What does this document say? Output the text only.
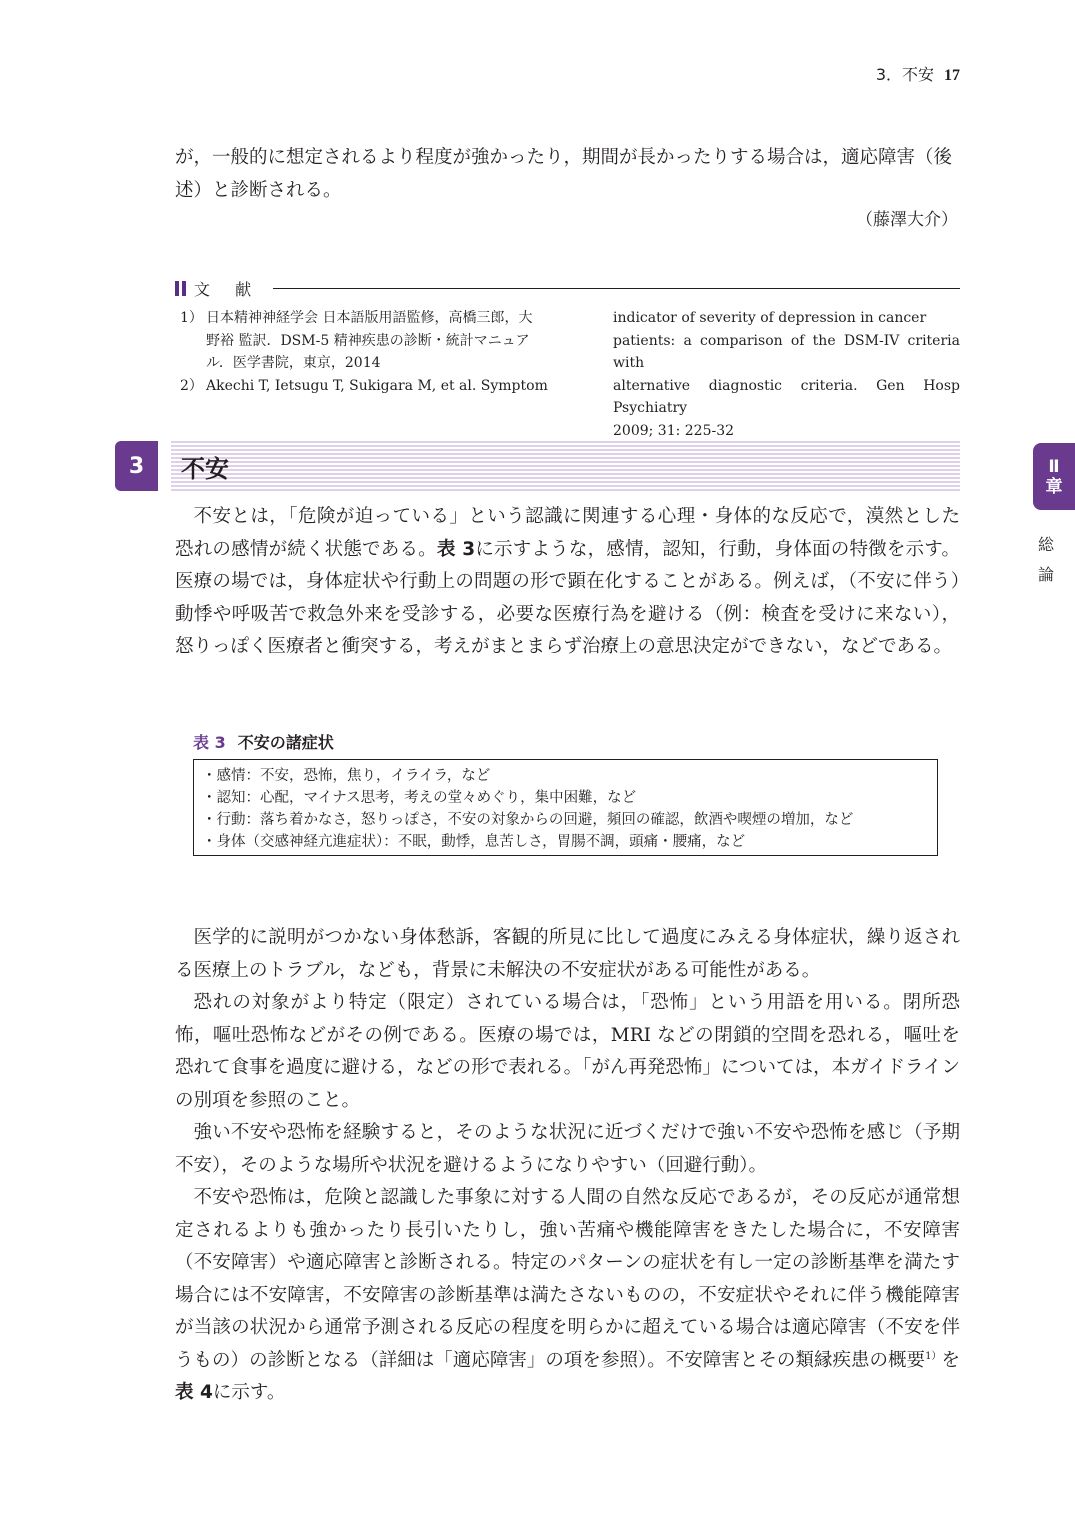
3．不安 17
が，一般的に想定されるより程度が強かったり，期間が長かったりする場合は，適応障害（後
述）と診断される。
（藤澤大介）
文 献
1） 日本精神神経学会 日本語版用語監修，高橋三郎，大
野裕 監訳．DSM-5 精神疾患の診断・統計マニュア
ル．医学書院，東京，2014
2） Akechi T, Ietsugu T, Sukigara M, et al. Symptom
indicator of severity of depression in cancer
patients: a comparison of the DSM-IV criteria with
alternative diagnostic criteria. Gen Hosp Psychiatry
2009; 31: 225-32
3	不安	Ⅱ
章
総
論

不安とは，「危険が迫っている」という認識に関連する心理・身体的な反応で，漠然とした恐れの感情が続く状態である。表 3に示すような，感情，認知，行動，身体面の特徴を示す。医療の場では，身体症状や行動上の問題の形で顕在化することがある。例えば，（不安に伴う）動悸や呼吸苦で救急外来を受診する，必要な医療行為を避ける（例：検査を受けに来ない），怒りっぽく医療者と衝突する，考えがまとまらず治療上の意思決定ができない，などである。

表 3 不安の諸症状
・感情：不安，恐怖，焦り，イライラ，など
・認知：心配，マイナス思考，考えの堂々めぐり，集中困難，など
・行動：落ち着かなさ，怒りっぽさ，不安の対象からの回避，頻回の確認，飲酒や喫煙の増加，など
・身体（交感神経亢進症状）：不眠，動悸，息苦しさ，胃腸不調，頭痛・腰痛，など

医学的に説明がつかない身体愁訴，客観的所見に比して過度にみえる身体症状，繰り返される医療上のトラブル，なども，背景に未解決の不安症状がある可能性がある。

恐れの対象がより特定（限定）されている場合は，「恐怖」という用語を用いる。閉所恐怖，嘔吐恐怖などがその例である。医療の場では，MRI などの閉鎖的空間を恐れる，嘔吐を恐れて食事を過度に避ける，などの形で表れる。「がん再発恐怖」については，本ガイドラインの別項を参照のこと。

強い不安や恐怖を経験すると，そのような状況に近づくだけで強い不安や恐怖を感じ（予期不安），そのような場所や状況を避けるようになりやすい（回避行動）。

不安や恐怖は，危険と認識した事象に対する人間の自然な反応であるが，その反応が通常想定されるよりも強かったり長引いたりし，強い苦痛や機能障害をきたした場合に，不安障害（不安障害）や適応障害と診断される。特定のパターンの症状を有し一定の診断基準を満たす場合には不安障害，不安障害の診断基準は満たさないものの，不安症状やそれに伴う機能障害が当該の状況から通常予測される反応の程度を明らかに超えている場合は適応障害（不安を伴うもの）の診断となる（詳細は「適応障害」の項を参照）。不安障害とその類縁疾患の概要$^{1)}$を表 4に示す。
